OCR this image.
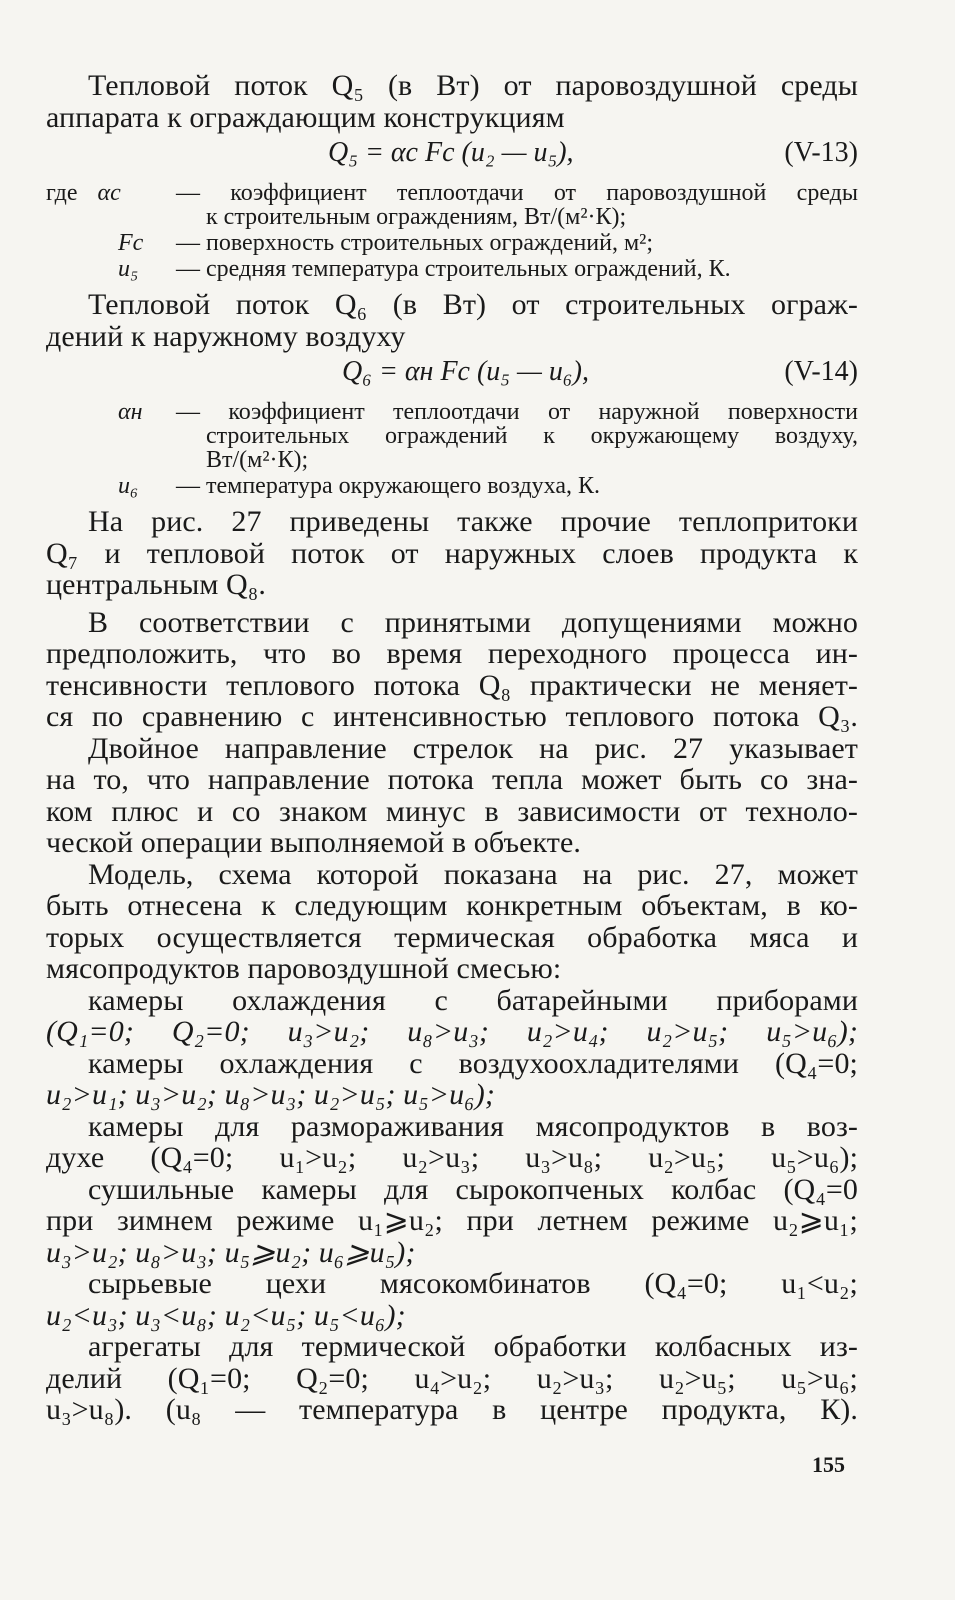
Тепловой поток Q₅ (в Вт) от паровоздушной среды
аппарата к ограждающим конструкциям
Q₅ = αс Fс (u₂ — u₅),	(V-13)
где αс — коэффициент теплоотдачи от паровоздушной среды
к строительным ограждениям, Вт/(м²·К);
Fс — поверхность строительных ограждений, м²;
u₅ — средняя температура строительных ограждений, К.
Тепловой поток Q₆ (в Вт) от строительных ограж-
дений к наружному воздуху
Q₆ = αн Fс (u₅ — u₆),	(V-14)
αн — коэффициент теплоотдачи от наружной поверхности
строительных ограждений к окружающему воздуху,
Вт/(м²·К);
u₆ — температура окружающего воздуха, К.
На рис. 27 приведены также прочие теплопритоки
Q₇ и тепловой поток от наружных слоев продукта к
центральным Q₈.
В соответствии с принятыми допущениями можно
предположить, что во время переходного процесса ин-
тенсивности теплового потока Q₈ практически не меняет-
ся по сравнению с интенсивностью теплового потока Q₃.
Двойное направление стрелок на рис. 27 указывает
на то, что направление потока тепла может быть со зна-
ком плюс и со знаком минус в зависимости от техноло-
ческой операции выполняемой в объекте.
Модель, схема которой показана на рис. 27, может
быть отнесена к следующим конкретным объектам, в ко-
торых осуществляется термическая обработка мяса и
мясопродуктов паровоздушной смесью:
камеры охлаждения с батарейными приборами
(Q₁=0; Q₂=0; u₃>u₂; u₈>u₃; u₂>u₄; u₂>u₅; u₅>u₆);
камеры охлаждения с воздухоохладителями (Q₄=0;
u₂>u₁; u₃>u₂; u₈>u₃; u₂>u₅; u₅>u₆);
камеры для размораживания мясопродуктов в воз-
духе (Q₄=0; u₁>u₂; u₂>u₃; u₃>u₈; u₂>u₅; u₅>u₆);
сушильные камеры для сырокопченых колбас (Q₄=0
при зимнем режиме u₁⩾u₂; при летнем режиме u₂⩾u₁;
u₃>u₂; u₈>u₃; u₅⩾u₂; u₆⩾u₅);
сырьевые цехи мясокомбинатов (Q₄=0; u₁<u₂;
u₂<u₃; u₃<u₈; u₂<u₅; u₅<u₆);
агрегаты для термической обработки колбасных из-
делий (Q₁=0; Q₂=0; u₄>u₂; u₂>u₃; u₂>u₅; u₅>u₆;
u₃>u₈). (u₈ — температура в центре продукта, К).
155
